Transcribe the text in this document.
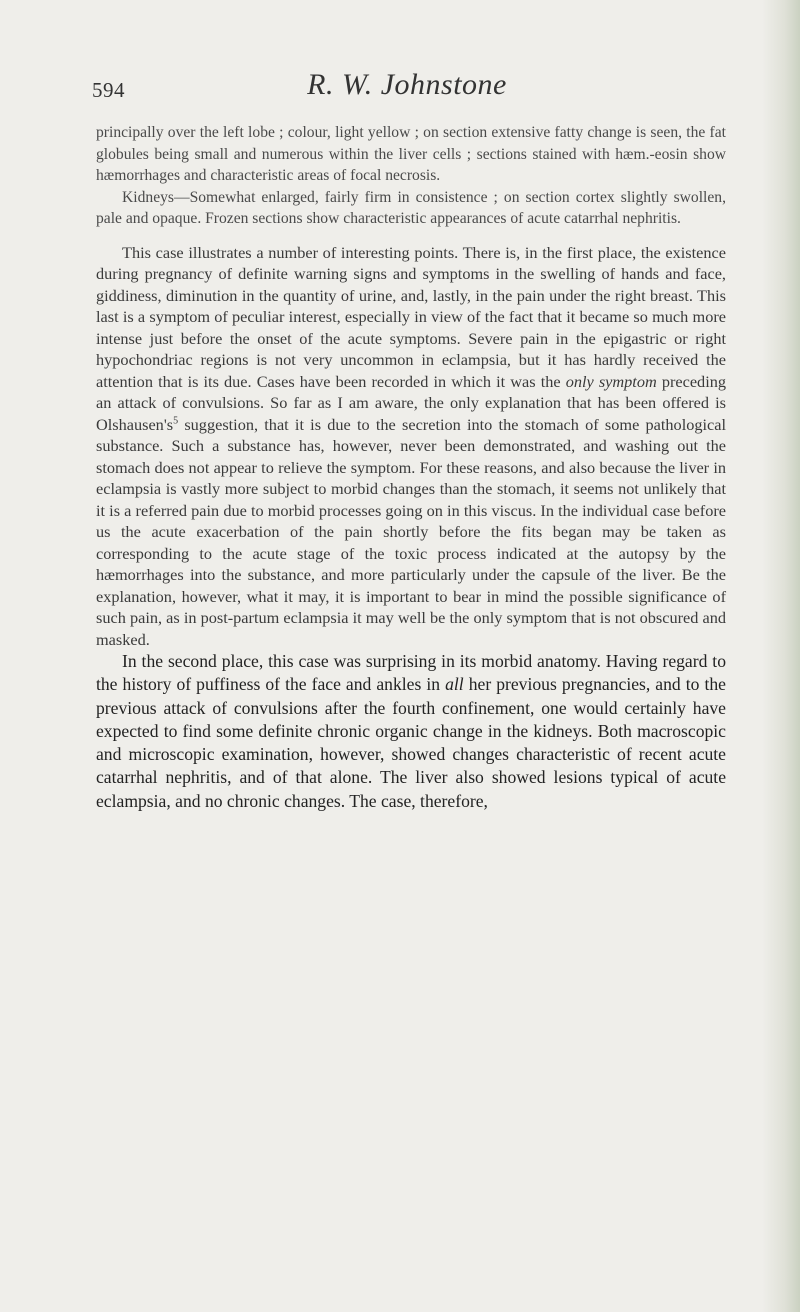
594	R. W. Johnstone

principally over the left lobe ; colour, light yellow ; on section extensive fatty change is seen, the fat globules being small and numerous within the liver cells ; sections stained with hæm.-eosin show hæmorrhages and characteristic areas of focal necrosis.

Kidneys—Somewhat enlarged, fairly firm in consistence ; on section cortex slightly swollen, pale and opaque. Frozen sections show characteristic appearances of acute catarrhal nephritis.

This case illustrates a number of interesting points. There is, in the first place, the existence during pregnancy of definite warning signs and symptoms in the swelling of hands and face, giddiness, diminution in the quantity of urine, and, lastly, in the pain under the right breast. This last is a symptom of peculiar interest, especially in view of the fact that it became so much more intense just before the onset of the acute symptoms. Severe pain in the epigastric or right hypochondriac regions is not very uncommon in eclampsia, but it has hardly received the attention that is its due. Cases have been recorded in which it was the only symptom preceding an attack of convulsions. So far as I am aware, the only explanation that has been offered is $Olshausen's^5$ suggestion, that it is due to the secretion into the stomach of some pathological substance. Such a substance has, however, never been demonstrated, and washing out the stomach does not appear to relieve the symptom. For these reasons, and also because the liver in eclampsia is vastly more subject to morbid changes than the stomach, it seems not unlikely that it is a referred pain due to morbid processes going on in this viscus. In the individual case before us the acute exacerbation of the pain shortly before the fits began may be taken as corresponding to the acute stage of the toxic process indicated at the autopsy by the hæmorrhages into the substance, and more particularly under the capsule of the liver. Be the explanation, however, what it may, it is important to bear in mind the possible significance of such pain, as in post-partum eclampsia it may well be the only symptom that is not obscured and masked.

In the second place, this case was surprising in its morbid anatomy. Having regard to the history of puffiness of the face and ankles in all her previous pregnancies, and to the previous attack of convulsions after the fourth confinement, one would certainly have expected to find some definite chronic organic change in the kidneys. Both macroscopic and microscopic examination, however, showed changes characteristic of recent acute catarrhal nephritis, and of that alone. The liver also showed lesions typical of acute eclampsia, and no chronic changes. The case, therefore,
